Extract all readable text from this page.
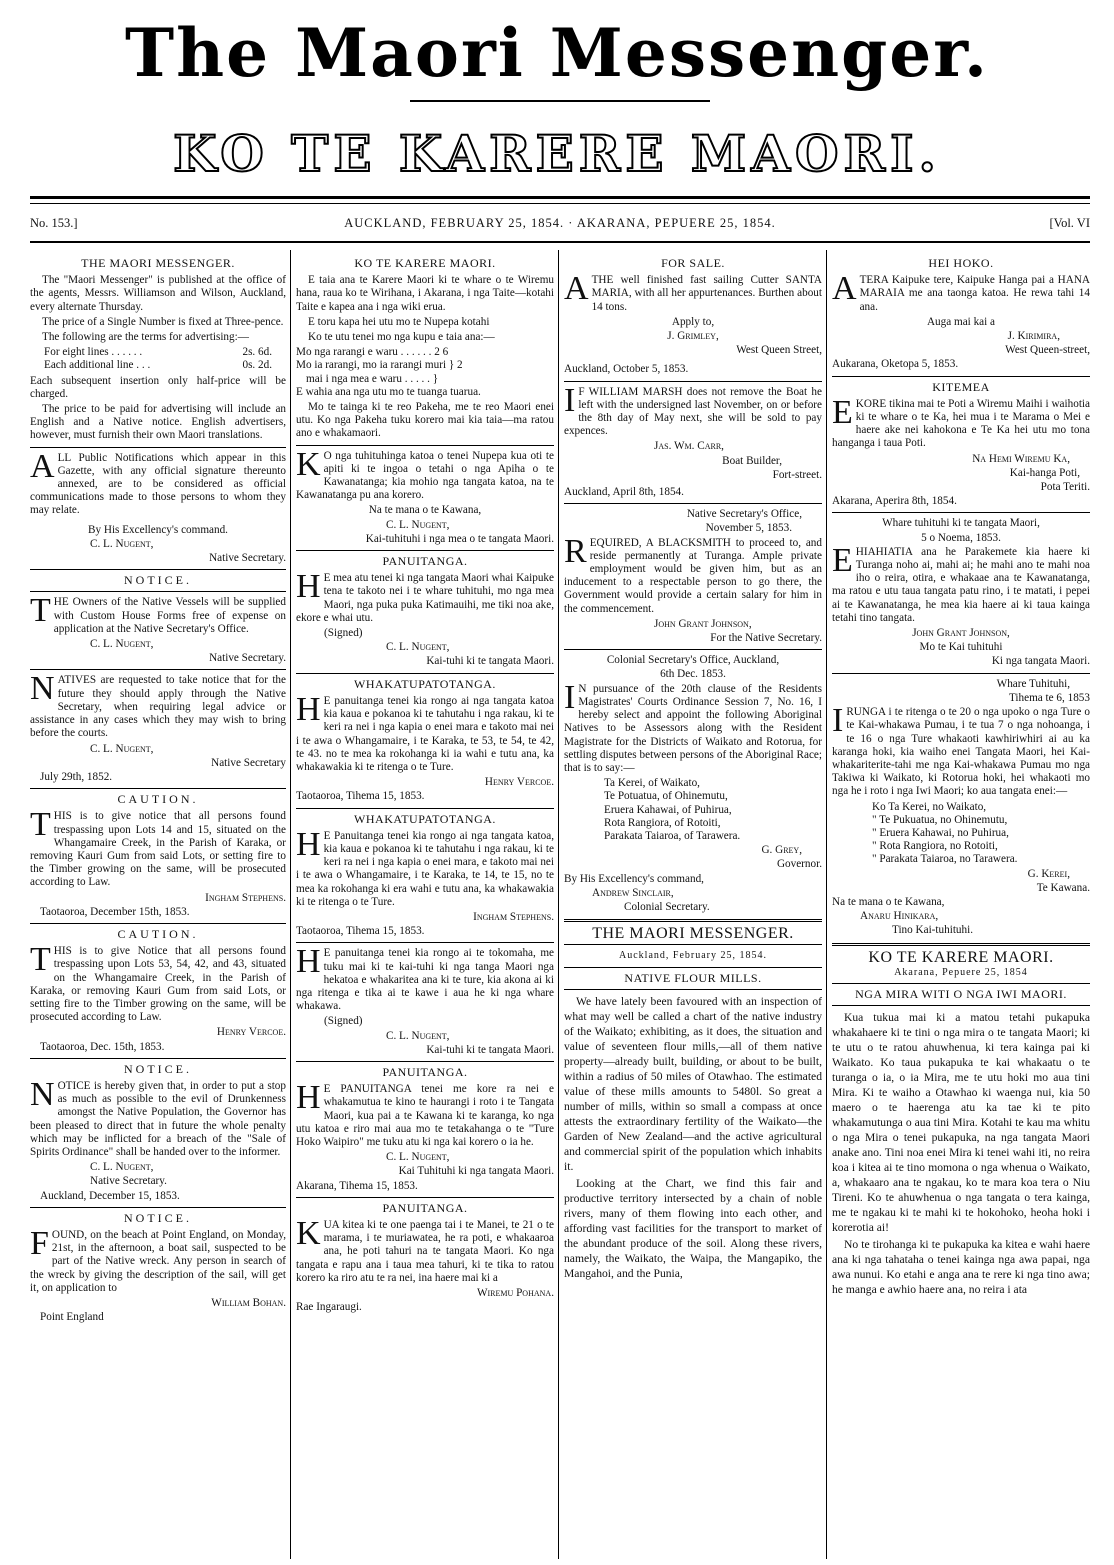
The Maori Messenger.
KO TE KARERE MAORI.
No. 153.]	AUCKLAND, FEBRUARY 25, 1854. · AKARANA, PEPUERE 25, 1854.	[Vol. VI
THE MAORI MESSENGER.

The "Maori Messenger" is published at the office of the agents, Messrs. Williamson and Wilson, Auckland, every alternate Thursday.

The price of a Single Number is fixed at Three-pence.

The following are the terms for advertising:—

For eight lines . . . . . .	2s. 6d.
Each additional line . . .	0s. 2d.

Each subsequent insertion only half-price will be charged.

The price to be paid for advertising will include an English and a Native notice. English advertisers, however, must furnish their own Maori translations.

ALL Public Notifications which appear in this Gazette, with any official signature thereunto annexed, are to be considered as official communications made to those persons to whom they may relate.

By His Excellency's command.
C. L. Nugent,
Native Secretary.
NOTICE.

THE Owners of the Native Vessels will be supplied with Custom House Forms free of expense on application at the Native Secretary's Office.

C. L. Nugent,
Native Secretary.

NATIVES are requested to take notice that for the future they should apply through the Native Secretary, when requiring legal advice or assistance in any cases which they may wish to bring before the courts.

C. L. Nugent,
Native Secretary
July 29th, 1852.
CAUTION.

THIS is to give notice that all persons found trespassing upon Lots 14 and 15, situated on the Whangamaire Creek, in the Parish of Karaka, or removing Kauri Gum from said Lots, or setting fire to the Timber growing on the same, will be prosecuted according to Law.

Ingham Stephens.
Taotaoroa, December 15th, 1853.
CAUTION.

THIS is to give Notice that all persons found trespassing upon Lots 53, 54, 42, and 43, situated on the Whangamaire Creek, in the Parish of Karaka, or removing Kauri Gum from said Lots, or setting fire to the Timber growing on the same, will be prosecuted according to Law.

Henry Vercoe.
Taotaoroa, Dec. 15th, 1853.
NOTICE.

NOTICE is hereby given that, in order to put a stop as much as possible to the evil of Drunkenness amongst the Native Population, the Governor has been pleased to direct that in future the whole penalty which may be inflicted for a breach of the "Sale of Spirits Ordinance" shall be handed over to the informer.

C. L. Nugent,
Native Secretary.
Auckland, December 15, 1853.
NOTICE.

FOUND, on the beach at Point England, on Monday, 21st, in the afternoon, a boat sail, suspected to be part of the Native wreck. Any person in search of the wreck by giving the description of the sail, will get it, on application to

William Bohan.
Point England
KO TE KARERE MAORI.

E taia ana te Karere Maori ki te whare o te Wiremu hana, raua ko te Wirihana, i Akarana, i nga Taite—kotahi Taite e kapea ana i nga wiki erua.

E toru kapa hei utu mo te Nupepa kotahi

Ko te utu tenei mo nga kupu e taia ana:—

Mo nga rarangi e waru . . . . . . 2 6
Mo ia rarangi, mo ia rarangi muri } 2
mai i nga mea e waru . . . . . }

E wahia ana nga utu mo te tuanga tuarua.

Mo te tainga ki te reo Pakeha, me te reo Maori enei utu. Ko nga Pakeha tuku korero mai kia taia—ma ratou ano e whakamaori.

K O nga tuhituhinga katoa o tenei Nupepa kua oti te apiti ki te ingoa o tetahi o nga Apiha o te Kawanatanga; kia mohio nga tangata katoa, na te Kawanatanga pu ana korero.

Na te mana o te Kawana,
C. L. Nugent,
Kai-tuhituhi i nga mea o te tangata Maori.
PANUITANGA.

H E mea atu tenei ki nga tangata Maori whai Kaipuke tena te takoto nei i te whare tuhituhi, mo nga mea Maori, nga puka puka Katimauihi, me tiki noa ake, ekore e whai utu.

(Signed)
C. L. Nugent,
Kai-tuhi ki te tangata Maori.
WHAKATUPATOTANGA.

H E panuitanga tenei kia rongo ai nga tangata katoa kia kaua e pokanoa ki te tahutahu i nga rakau, ki te keri ra nei i nga kapia o enei mara e takoto mai nei i te awa o Whangamaire, i te Karaka, te 53, te 54, te 42, te 43. no te mea ka rokohanga ki ia wahi e tutu ana, ka whakawakia ki te ritenga o te Ture.

Henry Vercoe.
Taotaoroa, Tihema 15, 1853.
WHAKATUPATOTANGA.

H E Panuitanga tenei kia rongo ai nga tangata katoa, kia kaua e pokanoa ki te tahutahu i nga rakau, ki te keri ra nei i nga kapia o enei mara, e takoto mai nei i te awa o Whangamaire, i te Karaka, te 14, te 15, no te mea ka rokohanga ki era wahi e tutu ana, ka whakawakia ki te ritenga o te Ture.

Ingham Stephens.
Taotaoroa, Tihema 15, 1853.

H E panuitanga tenei kia rongo ai te tokomaha, me tuku mai ki te kai-tuhi ki nga tanga Maori nga hekatoa e whakaritea ana ki te ture, kia akona ai ki nga ritenga e tika ai te kawe i aua he ki nga whare whakawa.

(Signed)
C. L. Nugent,
Kai-tuhi ki te tangata Maori.
PANUITANGA.

H E PANUITANGA tenei me kore ra nei e whakamutua te kino te haurangi i roto i te Tangata Maori, kua pai a te Kawana ki te karanga, ko nga utu katoa e riro mai aua mo te tetakahanga o te "Ture Hoko Waipiro" me tuku atu ki nga kai korero o ia he.

C. L. Nugent,
Kai Tuhituhi ki nga tangata Maori.
Akarana, Tihema 15, 1853.
PANUITANGA.

KUA kitea ki te one paenga tai i te Manei, te 21 o te marama, i te muriawatea, he ra poti, e whakaaroa ana, he poti tahuri na te tangata Maori. Ko nga tangata e rapu ana i taua mea tahuri, ki te tika to ratou korero ka riro atu te ra nei, ina haere mai ki a

Wiremu Pohana.
Rae Ingaraugi.
FOR SALE.

ATHE well finished fast sailing Cutter SANTA MARIA, with all her appurtenances. Burthen about 14 tons.

Apply to,
J. Grimley,
West Queen Street,
Auckland, October 5, 1853.

I F WILLIAM MARSH does not remove the Boat he left with the undersigned last November, on or before the 8th day of May next, she will be sold to pay expences.

Jas. Wm. Carr,
Boat Builder,
Fort-street.
Auckland, April 8th, 1854.
Native Secretary's Office,
November 5, 1853.

REQUIRED, A BLACKSMITH to proceed to, and reside permanently at Turanga. Ample private employment would be given him, but as an inducement to a respectable person to go there, the Government would provide a certain salary for him in the commencement.

John Grant Johnson,
For the Native Secretary.
Colonial Secretary's Office, Auckland,
6th Dec. 1853.

I N pursuance of the 20th clause of the Residents Magistrates' Courts Ordinance Session 7, No. 16, I hereby select and appoint the following Aboriginal Natives to be Assessors along with the Resident Magistrate for the Districts of Waikato and Rotorua, for settling disputes between persons of the Aboriginal Race; that is to say:—

Ta Kerei, of Waikato,
Te Potuatua, of Ohinemutu,
Eruera Kahawai, of Puhirua,
Rota Rangiora, of Rotoiti,
Parakata Taiaroa, of Tarawera.
G. Grey,
Governor.
By His Excellency's command,
Andrew Sinclair,
Colonial Secretary.
THE MAORI MESSENGER.
Auckland, February 25, 1854.
NATIVE FLOUR MILLS.

We have lately been favoured with an inspection of what may well be called a chart of the native industry of the Waikato; exhibiting, as it does, the situation and value of seventeen flour mills,—all of them native property—already built, building, or about to be built, within a radius of 50 miles of Otawhao. The estimated value of these mills amounts to 5480l. So great a number of mills, within so small a compass at once attests the extraordinary fertility of the Waikato—the Garden of New Zealand—and the active agricultural and commercial spirit of the population which inhabits it.

Looking at the Chart, we find this fair and productive territory intersected by a chain of noble rivers, many of them flowing into each other, and affording vast facilities for the transport to market of the abundant produce of the soil. Along these rivers, namely, the Waikato, the Waipa, the Mangapiko, the Mangahoi, and the Punia,

HEI HOKO.

ATERA Kaipuke tere, Kaipuke Hanga pai a HANA MARAIA me ana taonga katoa. He rewa tahi 14 ana.

Auga mai kai a
J. Kirimira,
West Queen-street,
Aukarana, Oketopa 5, 1853.
KITEMEA

EKORE tikina mai te Poti a Wiremu Maihi i waihotia ki te whare o te Ka, hei mua i te Marama o Mei e haere ake nei kahokona e Te Ka hei utu mo tona hanganga i taua Poti.

Na Hemi Wiremu Ka,
Kai-hanga Poti,
Pota Teriti.
Akarana, Aperira 8th, 1854.
Whare tuhituhi ki te tangata Maori,
5 o Noema, 1853.

EHIAHIATIA ana he Parakemete kia haere ki Turanga noho ai, mahi ai; he mahi ano te mahi noa iho o reira, otira, e whakaae ana te Kawanatanga, ma ratou e utu taua tangata patu rino, i te matati, i pepei ai te Kawanatanga, he mea kia haere ai ki taua kainga tetahi tino tangata.

John Grant Johnson,
Mo te Kai tuhituhi
Ki nga tangata Maori.
Whare Tuhituhi,
Tihema te 6, 1853

IRUNGA i te ritenga o te 20 o nga upoko o nga Ture o te Kai-whakawa Pumau, i te tua 7 o nga nohoanga, i te 16 o nga Ture whakaoti kawhiriwhiri ai au ka karanga hoki, kia waiho enei Tangata Maori, hei Kai-whakariterite-tahi me nga Kai-whakawa Pumau mo nga Takiwa ki Waikato, ki Rotorua hoki, hei whakaoti mo nga he i roto i nga Iwi Maori; ko aua tangata enei:—

Ko Ta Kerei, no Waikato,
" Te Pukuatua, no Ohinemutu,
" Eruera Kahawai, no Puhirua,
" Rota Rangiora, no Rotoiti,
" Parakata Taiaroa, no Tarawera.
G. Kerei,
Te Kawana.
Na te mana o te Kawana,
Anaru Hinikara,
Tino Kai-tuhituhi.
KO TE KARERE MAORI.
Akarana, Pepuere 25, 1854
NGA MIRA WITI O NGA IWI MAORI.

Kua tukua mai ki a matou tetahi pukapuka whakahaere ki te tini o nga mira o te tangata Maori; ki te utu o te ratou ahuwhenua, ki tera kainga pai ki Waikato. Ko taua pukapuka te kai whakaatu o te turanga o ia, o ia Mira, me te utu hoki mo aua tini Mira. Ki te waiho a Otawhao ki waenga nui, kia 50 maero o te haerenga atu ka tae ki te pito whakamutunga o aua tini Mira. Kotahi te kau ma whitu o nga Mira o tenei pukapuka, na nga tangata Maori anake ano. Tini noa enei Mira ki tenei wahi iti, no reira koa i kitea ai te tino momona o nga whenua o Waikato, a, whakaaro ana te ngakau, ko te mara koa tera o Niu Tireni. Ko te ahuwhenua o nga tangata o tera kainga, me te ngakau ki te mahi ki te hokohoko, heoha hoki i korerotia ai!

No te tirohanga ki te pukapuka ka kitea e wahi haere ana ki nga tahataha o tenei kainga nga awa papai, nga awa nunui. Ko etahi e anga ana te rere ki nga tino awa; he manga e awhio haere ana, no reira i ata
